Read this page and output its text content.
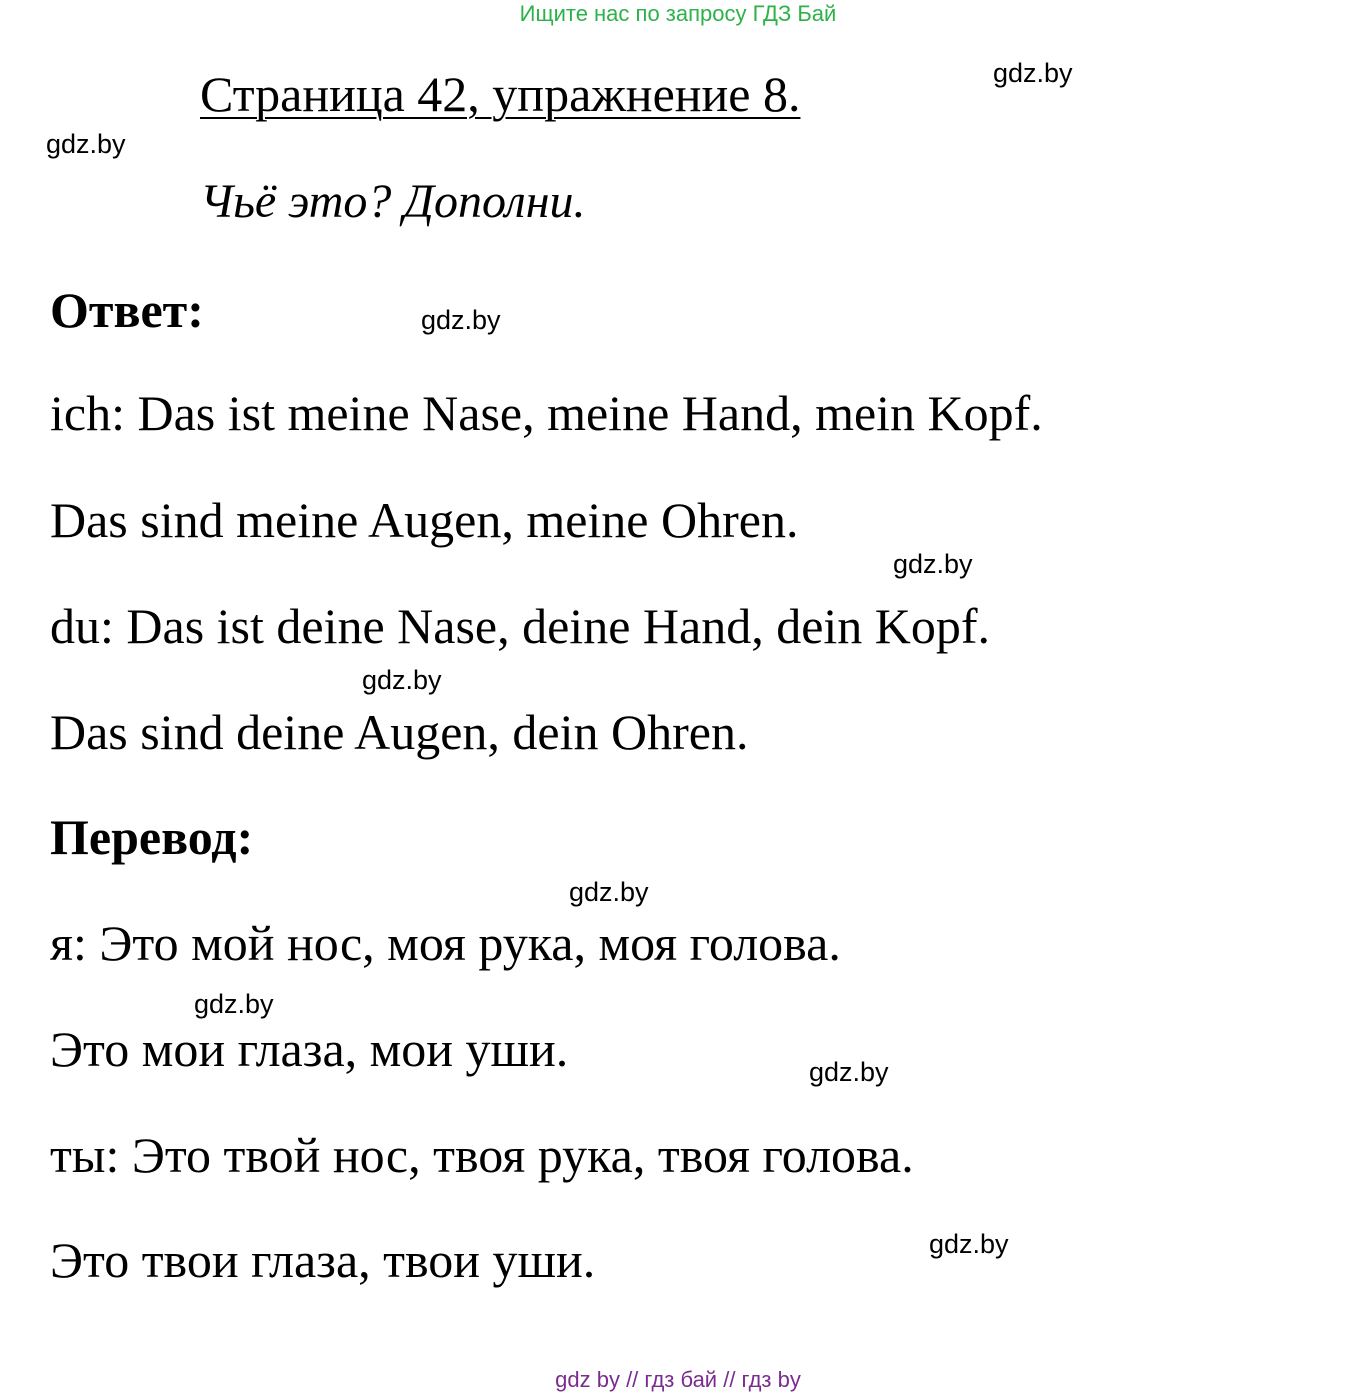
Ищите нас по запросу ГДЗ Бай
Страница 42, упражнение 8.
Чьё это? Дополни.
Ответ:
ich: Das ist meine Nase, meine Hand, mein Kopf.
Das sind meine Augen, meine Ohren.
du: Das ist deine Nase, deine Hand, dein Kopf.
Das sind deine Augen, dein Ohren.
Перевод:
я: Это мой нос, моя рука, моя голова.
Это мои глаза, мои уши.
ты: Это твой нос, твоя рука, твоя голова.
Это твои глаза, твои уши.
gdz.by
gdz.by
gdz.by
gdz.by
gdz.by
gdz.by
gdz.by
gdz.by
gdz.by
gdz by // гдз бай // гдз by
